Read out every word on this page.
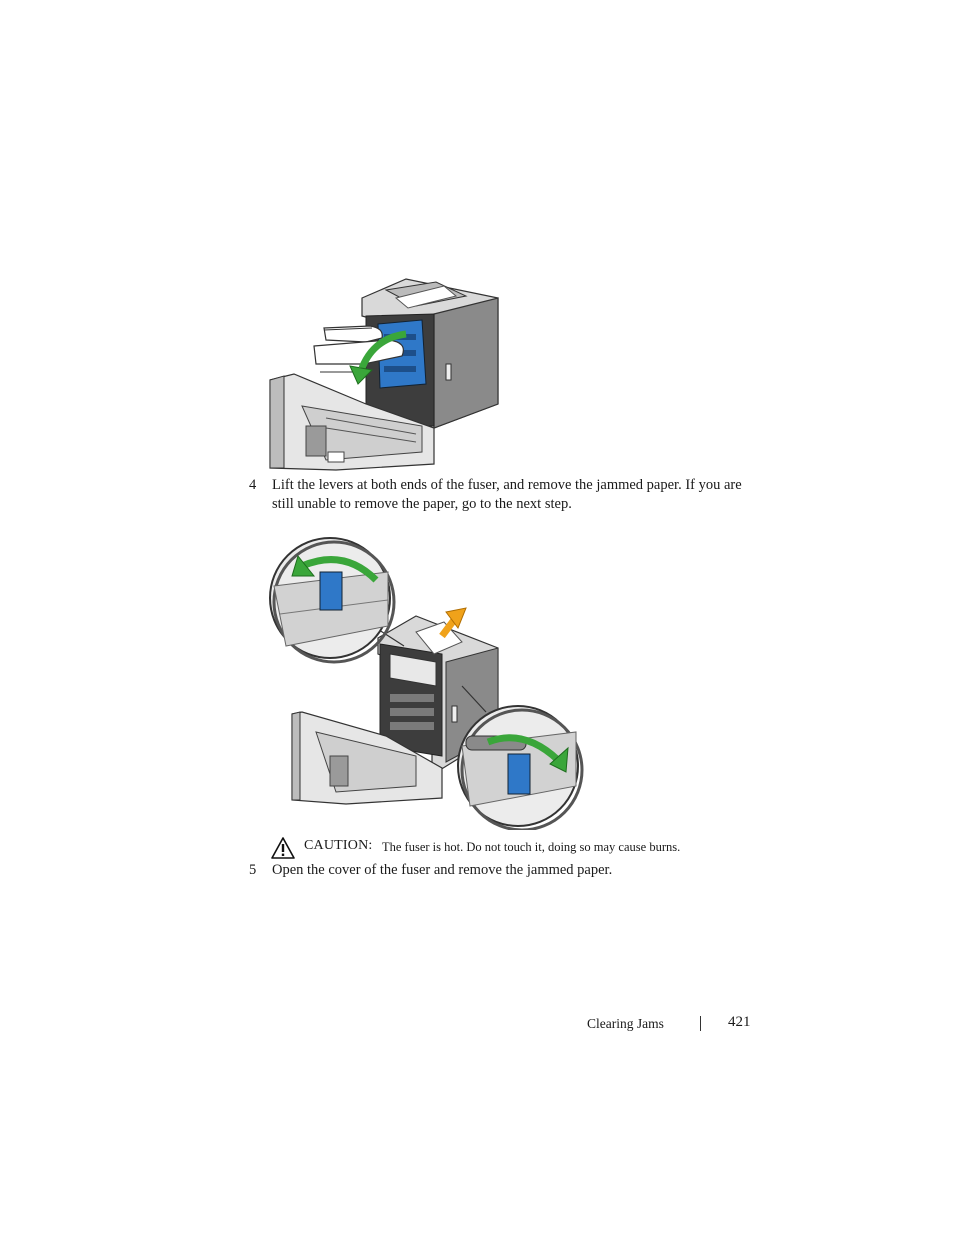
4 Lift the levers at both ends of the fuser, and remove the jammed paper. If you are still unable to remove the paper, go to the next step.
CAUTION: The fuser is hot. Do not touch it, doing so may cause burns.
5 Open the cover of the fuser and remove the jammed paper.
Clearing Jams	421
